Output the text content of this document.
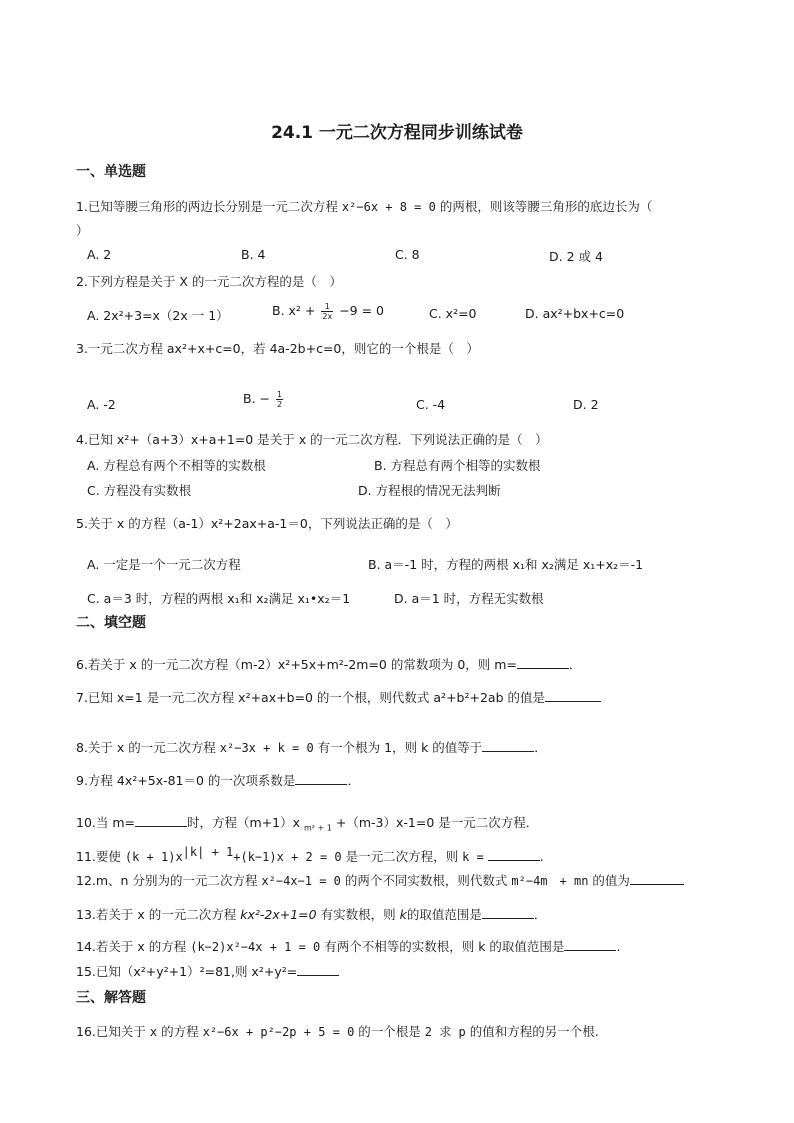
24.1 一元二次方程同步训练试卷
一、单选题
1.已知等腰三角形的两边长分别是一元二次方程 x²−6x + 8 = 0 的两根，则该等腰三角形的底边长为（
）
A. 2	B. 4	C. 8	D. 2 或 4
2.下列方程是关于 X 的一元二次方程的是（　）
A. 2x²+3=x（2x 一 1）	B. $x^2 + \frac{1}{2x} -9 = 0$	C. x²=0	D. ax²+bx+c=0
3.一元二次方程 ax²+x+c=0，若 4a-2b+c=0，则它的一个根是（　）
A. -2	B. − $\frac{1}{2}$	C. -4	D. 2
4.已知 x²+（a+3）x+a+1=0 是关于 x 的一元二次方程．下列说法正确的是（　）
A. 方程总有两个不相等的实数根	B. 方程总有两个相等的实数根
C. 方程没有实数根	D. 方程根的情况无法判断
5.关于 x 的方程（a-1）x²+2ax+a-1＝0，下列说法正确的是（　）
A. 一定是一个一元二次方程	B. a＝-1 时，方程的两根 x₁和 x₂满足 x₁+x₂＝-1
C. a＝3 时，方程的两根 x₁和 x₂满足 x₁•x₂＝1	D. a＝1 时，方程无实数根
二、填空题
6.若关于 x 的一元二次方程（m-2）x²+5x+m²-2m=0 的常数项为 0，则 m=	．
7.已知 x=1 是一元二次方程 x²+ax+b=0 的一个根，则代数式 a²+b²+2ab 的值是
8.关于 x 的一元二次方程 x²−3x + k = 0 有一个根为 1，则 k 的值等于	．
9.方程 4x²+5x-81＝0 的一次项系数是	．
10.当 m=	时，方程（m+1）x $_{m^2 + 1}$ +（m-3）x-1=0 是一元二次方程．
11.要使 $(k + 1)x^{|k| + 1}+(k-1)x + 2 = 0$ 是一元二次方程，则 k =	.
12.m、n 分别为的一元二次方程 x²−4x−1 = 0 的两个不同实数根，则代数式 m²−4m　+ mn 的值为
13.若关于 x 的一元二次方程 kx²-2x+1=0 有实数根，则 k的取值范围是	．
14.若关于 x 的方程 (k−2)x²−4x + 1 = 0 有两个不相等的实数根，则 k 的取值范围是	.
15.已知（x²+y²+1）²=81,则 x²+y²=
三、解答题
16.已知关于 x 的方程 x²−6x + p²−2p + 5 = 0 的一个根是 2 求 p 的值和方程的另一个根.
